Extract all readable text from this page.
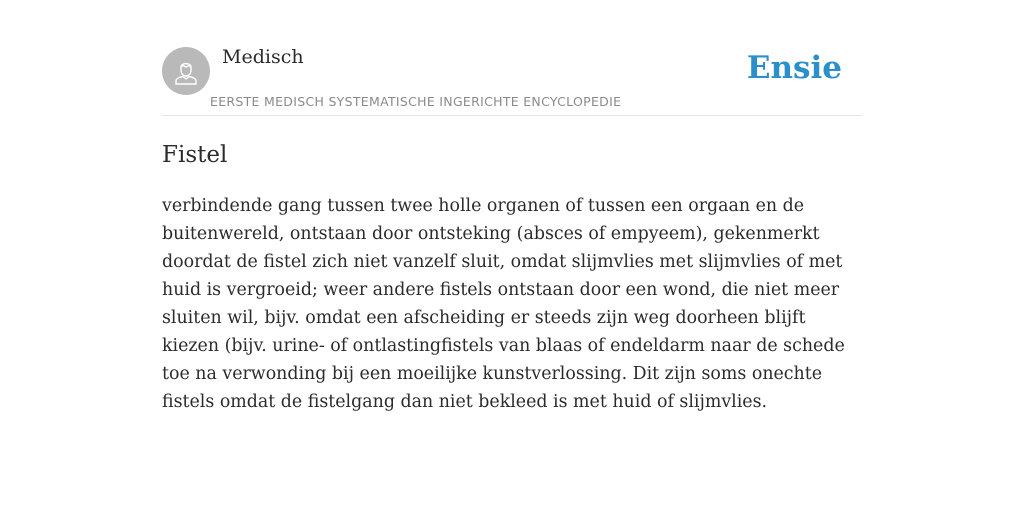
Medisch
EERSTE MEDISCH SYSTEMATISCHE INGERICHTE ENCYCLOPEDIE
Ensie
Fistel

verbindende gang tussen twee holle organen of tussen een orgaan en de buitenwereld, ontstaan door ontsteking (absces of empyeem), gekenmerkt doordat de fistel zich niet vanzelf sluit, omdat slijmvlies met slijmvlies of met huid is vergroeid; weer andere fistels ontstaan door een wond, die niet meer sluiten wil, bijv. omdat een afscheiding er steeds zijn weg doorheen blijft kiezen (bijv. urine- of ontlastingfistels van blaas of endeldarm naar de schede toe na verwonding bij een moeilijke kunstverlossing. Dit zijn soms onechte fistels omdat de fistelgang dan niet bekleed is met huid of slijmvlies.
